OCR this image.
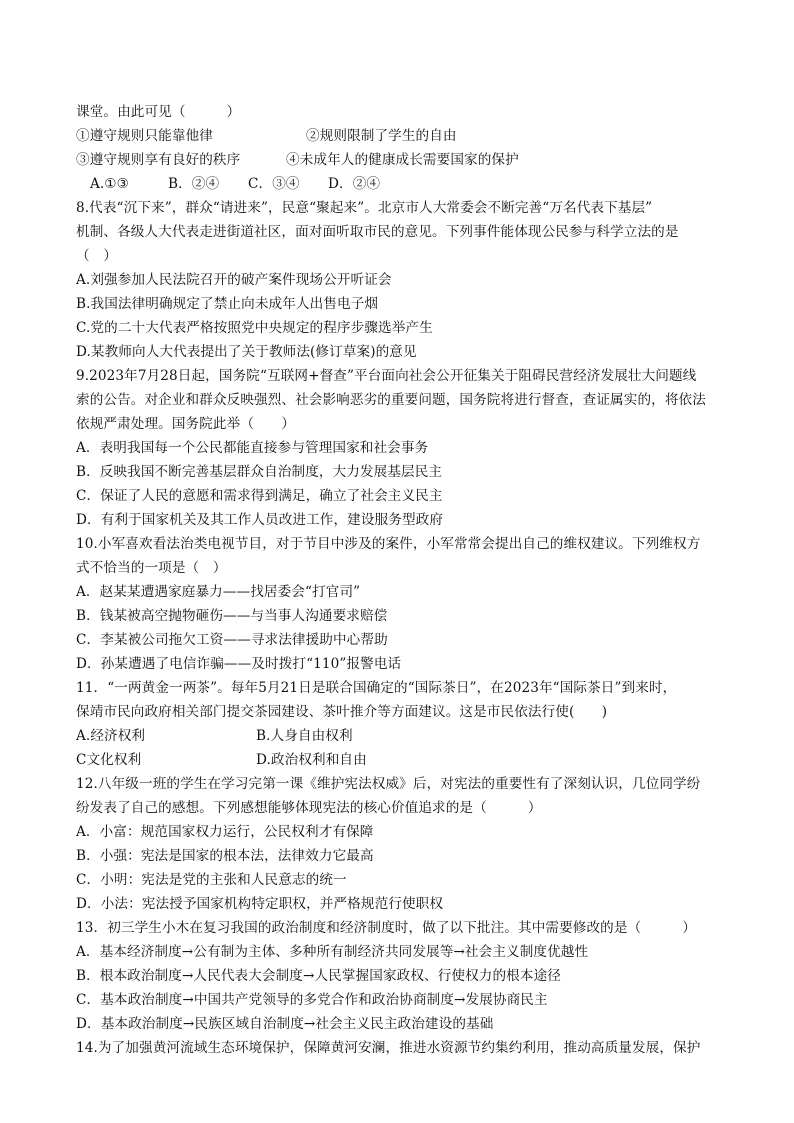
课堂。由此可见（　　　）
①遵守规则只能靠他律	②规则限制了学生的自由
③遵守规则享有良好的秩序	④未成年人的健康成长需要国家的保护
A.①③	B．②④ C．③④ D．②④
8.代表“沉下来”，群众“请进来”，民意“聚起来”。北京市人大常委会不断完善“万名代表下基层”
机制、各级人大代表走进街道社区，面对面听取市民的意见。下列事件能体现公民参与科学立法的是
（　）
A.刘强参加人民法院召开的破产案件现场公开听证会
B.我国法律明确规定了禁止向未成年人出售电子烟
C.党的二十大代表严格按照党中央规定的程序步骤选举产生
D.某教师向人大代表提出了关于教师法(修订草案)的意见
9.2023年7月28日起，国务院“互联网+督查”平台面向社会公开征集关于阻碍民营经济发展壮大问题线
索的公告。对企业和群众反映强烈、社会影响恶劣的重要问题，国务院将进行督查，查证属实的，将依法
依规严肃处理。国务院此举（　　）
A．表明我国每一个公民都能直接参与管理国家和社会事务
B．反映我国不断完善基层群众自治制度，大力发展基层民主
C．保证了人民的意愿和需求得到满足，确立了社会主义民主
D．有利于国家机关及其工作人员改进工作，建设服务型政府
10.小军喜欢看法治类电视节目，对于节目中涉及的案件，小军常常会提出自己的维权建议。下列维权方
式不恰当的一项是（　）
A．赵某某遭遇家庭暴力——找居委会“打官司”
B．钱某被高空抛物砸伤——与当事人沟通要求赔偿
C．李某被公司拖欠工资——寻求法律援助中心帮助
D．孙某遭遇了电信诈骗——及时拨打“110”报警电话
11．“一两黄金一两茶”。每年5月21日是联合国确定的“国际茶日”，在2023年“国际茶日”到来时，
保靖市民向政府相关部门提交茶园建设、茶叶推介等方面建议。这是市民依法行使(　　)
A.经济权利	B.人身自由权利
C文化权利	D.政治权利和自由
12.八年级一班的学生在学习完第一课《维护宪法权威》后，对宪法的重要性有了深刻认识，几位同学纷
纷发表了自己的感想。下列感想能够体现宪法的核心价值追求的是（　　　）
A．小富：规范国家权力运行，公民权利才有保障
B．小强：宪法是国家的根本法，法律效力它最高
C．小明：宪法是党的主张和人民意志的统一
D．小法：宪法授予国家机构特定职权，并严格规范行使职权
13．初三学生小木在复习我国的政治制度和经济制度时，做了以下批注。其中需要修改的是（　　　）
A．基本经济制度→公有制为主体、多种所有制经济共同发展等→社会主义制度优越性
B．根本政治制度→人民代表大会制度→人民掌握国家政权、行使权力的根本途径
C．基本政治制度→中国共产党领导的多党合作和政治协商制度→发展协商民主
D．基本政治制度→民族区域自治制度→社会主义民主政治建设的基础
14.为了加强黄河流域生态环境保护，保障黄河安澜，推进水资源节约集约利用，推动高质量发展，保护
